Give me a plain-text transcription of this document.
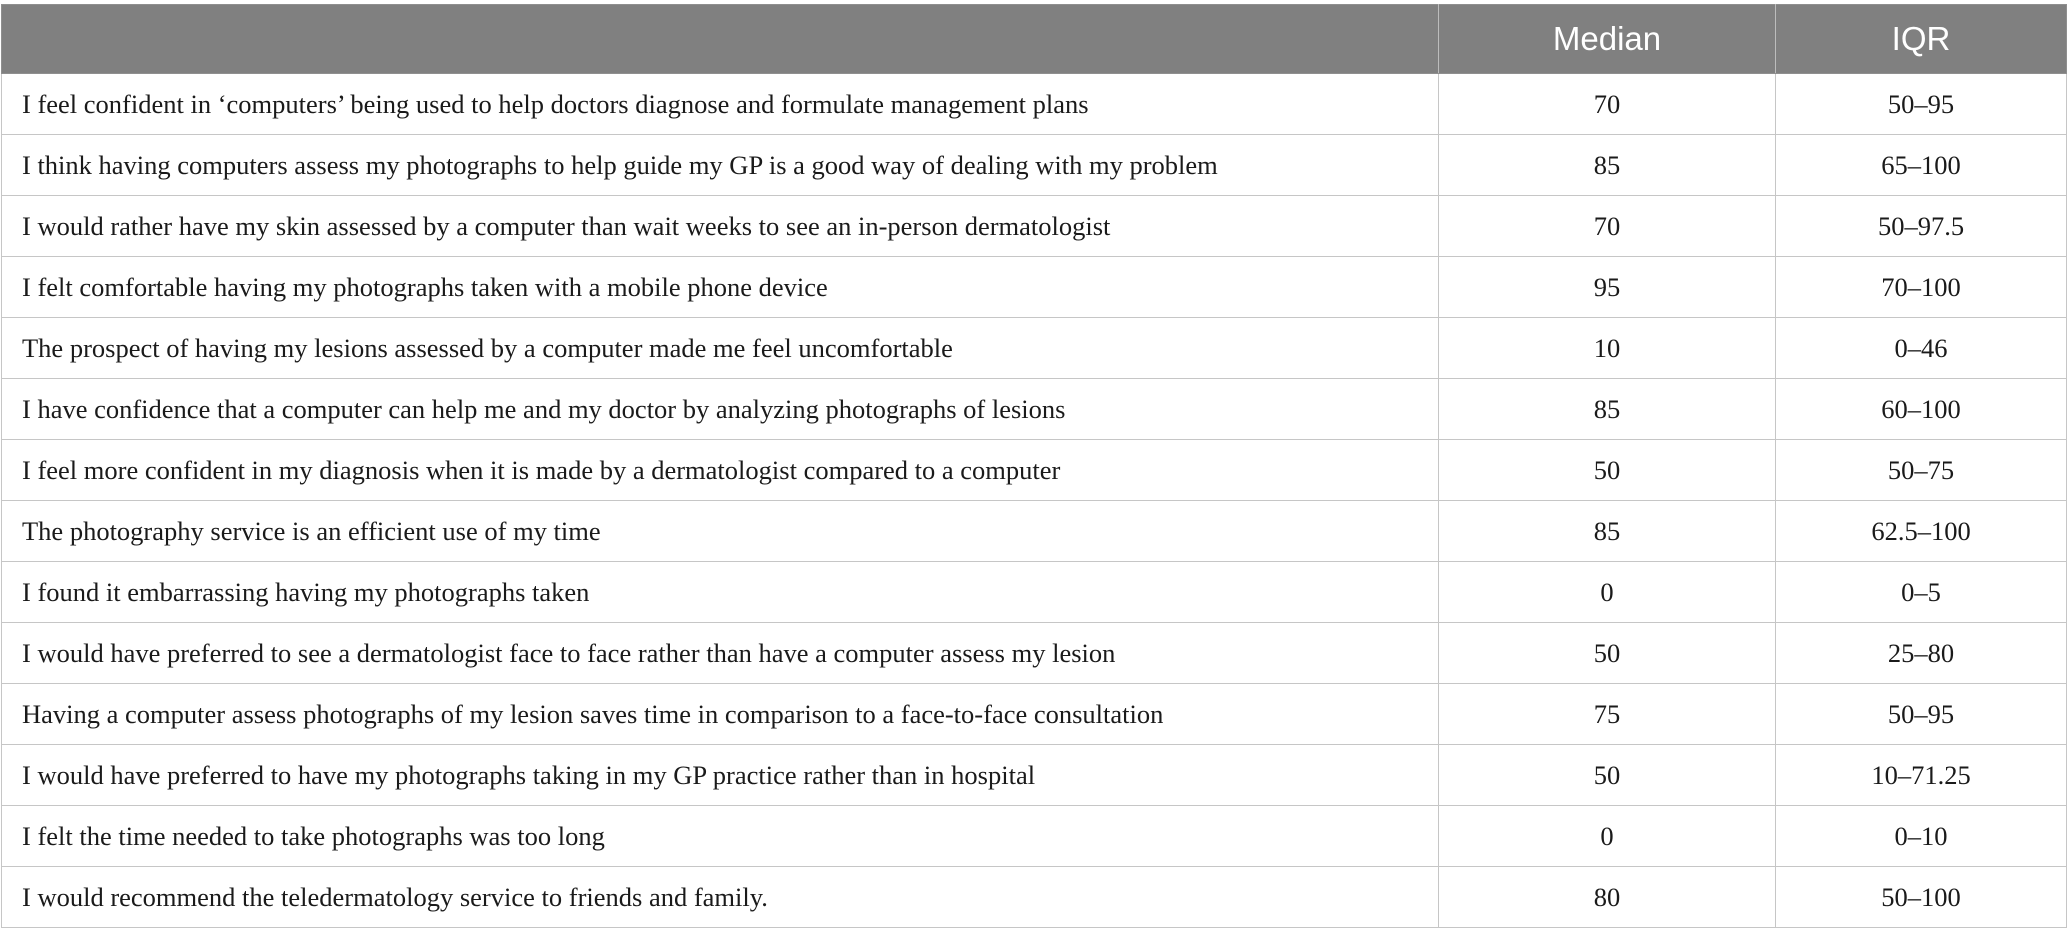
	Median	IQR
I feel confident in ‘computers’ being used to help doctors diagnose and formulate management plans	70	50–95
I think having computers assess my photographs to help guide my GP is a good way of dealing with my problem	85	65–100
I would rather have my skin assessed by a computer than wait weeks to see an in-person dermatologist	70	50–97.5
I felt comfortable having my photographs taken with a mobile phone device	95	70–100
The prospect of having my lesions assessed by a computer made me feel uncomfortable	10	0–46
I have confidence that a computer can help me and my doctor by analyzing photographs of lesions	85	60–100
I feel more confident in my diagnosis when it is made by a dermatologist compared to a computer	50	50–75
The photography service is an efficient use of my time	85	62.5–100
I found it embarrassing having my photographs taken	0	0–5
I would have preferred to see a dermatologist face to face rather than have a computer assess my lesion	50	25–80
Having a computer assess photographs of my lesion saves time in comparison to a face-to-face consultation	75	50–95
I would have preferred to have my photographs taking in my GP practice rather than in hospital	50	10–71.25
I felt the time needed to take photographs was too long	0	0–10
I would recommend the teledermatology service to friends and family.	80	50–100
